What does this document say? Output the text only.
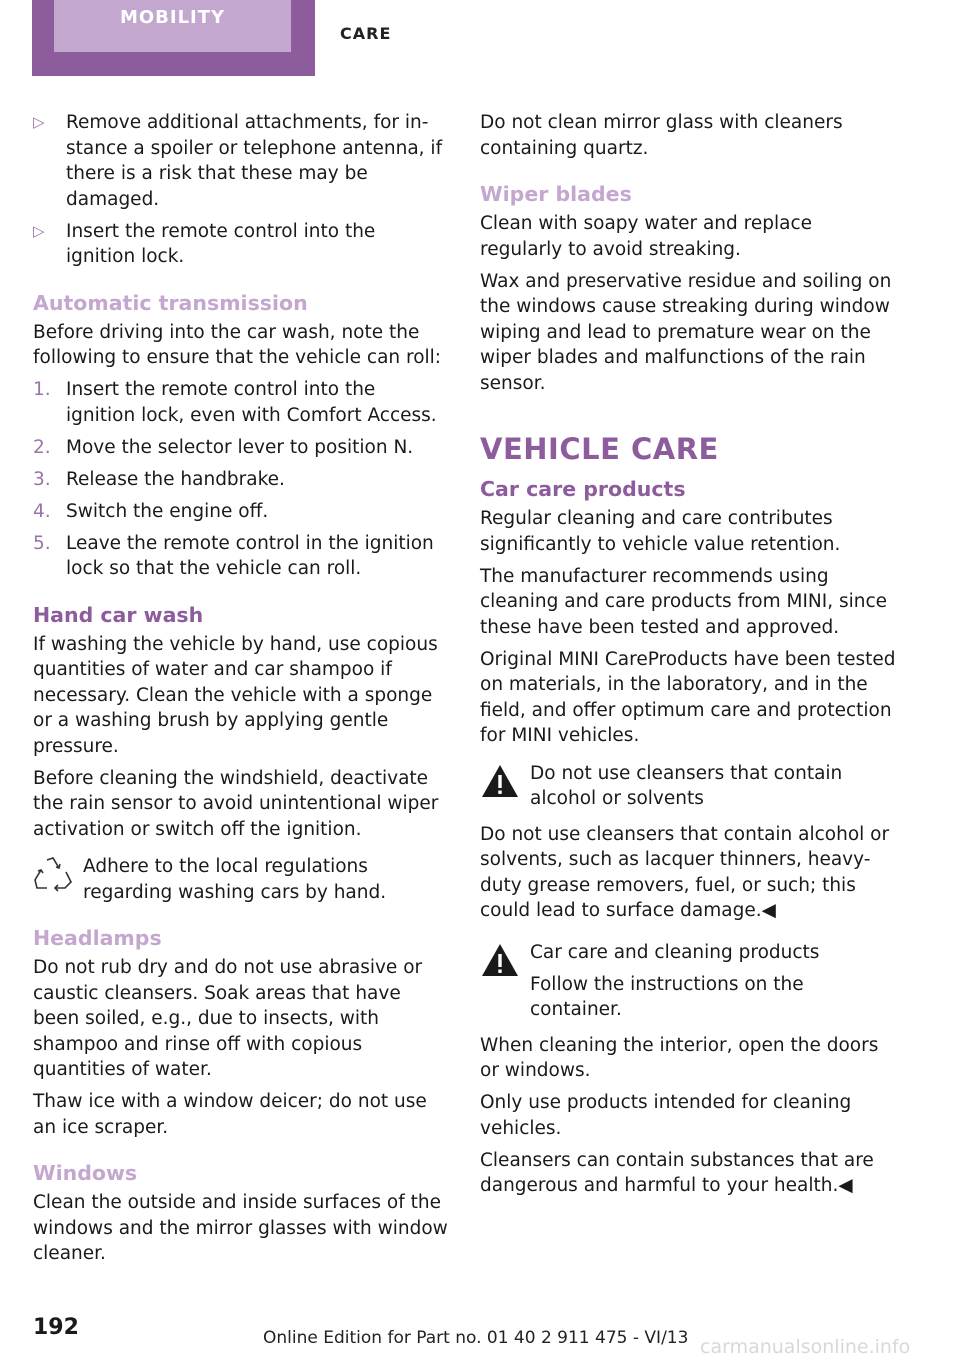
MOBILITY
CARE
▷ Remove additional attachments, for instance a spoiler or telephone antenna, if there is a risk that these may be damaged.
▷ Insert the remote control into the ignition lock.
Automatic transmission

Before driving into the car wash, note the following to ensure that the vehicle can roll:

1. Insert the remote control into the ignition lock, even with Comfort Access.
2. Move the selector lever to position N.
3. Release the handbrake.
4. Switch the engine off.
5. Leave the remote control in the ignition lock so that the vehicle can roll.
Hand car wash

If washing the vehicle by hand, use copious quantities of water and car shampoo if necessary. Clean the vehicle with a sponge or a washing brush by applying gentle pressure.

Before cleaning the windshield, deactivate the rain sensor to avoid unintentional wiper activation or switch off the ignition.

Adhere to the local regulations regarding washing cars by hand.
Headlamps

Do not rub dry and do not use abrasive or caustic cleansers. Soak areas that have been soiled, e.g., due to insects, with shampoo and rinse off with copious quantities of water.

Thaw ice with a window deicer; do not use an ice scraper.

Windows

Clean the outside and inside surfaces of the windows and the mirror glasses with window cleaner.

Do not clean mirror glass with cleaners containing quartz.

Wiper blades

Clean with soapy water and replace regularly to avoid streaking.

Wax and preservative residue and soiling on the windows cause streaking during window wiping and lead to premature wear on the wiper blades and malfunctions of the rain sensor.

VEHICLE CARE
Car care products

Regular cleaning and care contributes significantly to vehicle value retention.

The manufacturer recommends using cleaning and care products from MINI, since these have been tested and approved.

Original MINI CareProducts have been tested on materials, in the laboratory, and in the field, and offer optimum care and protection for MINI vehicles.

Do not use cleansers that contain alcohol or solvents

Do not use cleansers that contain alcohol or solvents, such as lacquer thinners, heavy-duty grease removers, fuel, or such; this could lead to surface damage.◀

Car care and cleaning products
Follow the instructions on the container.

When cleaning the interior, open the doors or windows.

Only use products intended for cleaning vehicles.

Cleansers can contain substances that are dangerous and harmful to your health.◀

192	Online Edition for Part no. 01 40 2 911 475 - VI/13 carmanualsonline.info
